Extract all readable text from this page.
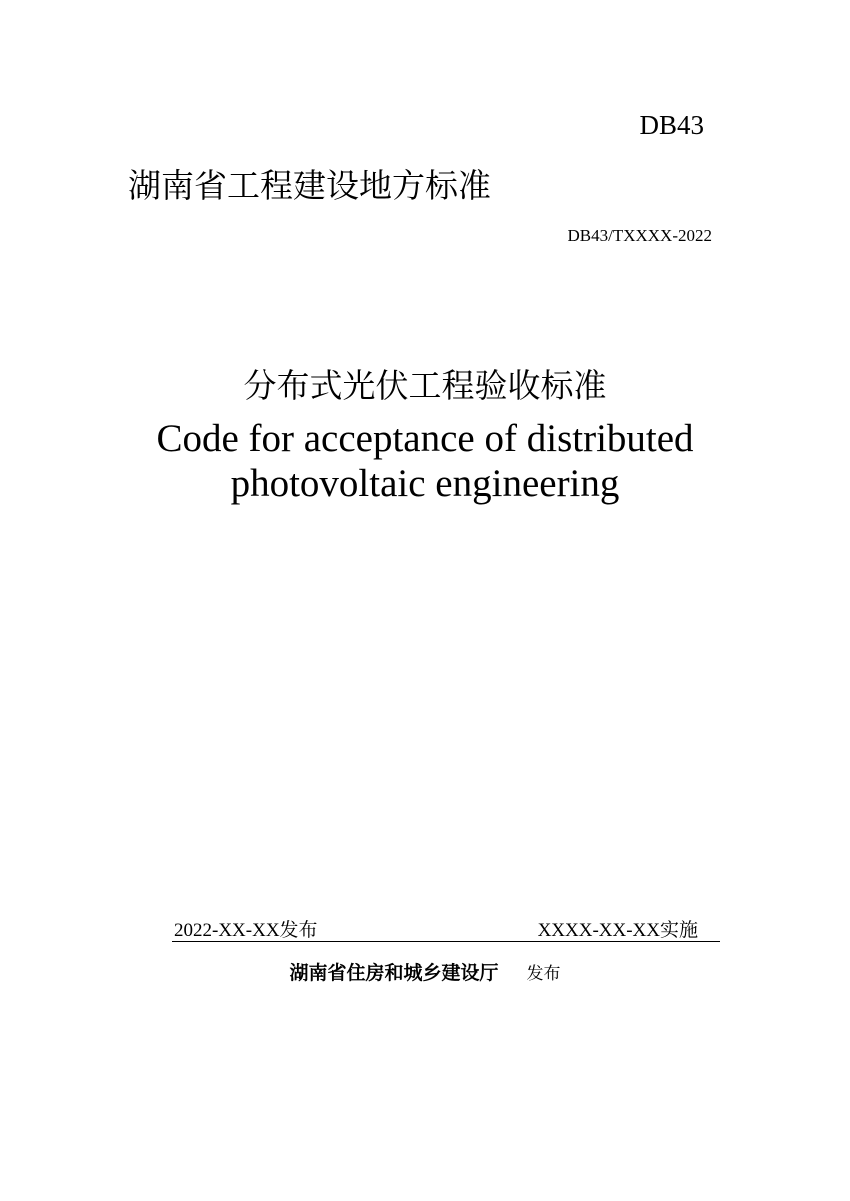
DB43
湖南省工程建设地方标准
DB43/TXXXX-2022
分布式光伏工程验收标准
Code for acceptance of distributed
photovoltaic engineering
2022-XX-XX发布	XXXX-XX-XX实施
湖南省住房和城乡建设厅 发布
